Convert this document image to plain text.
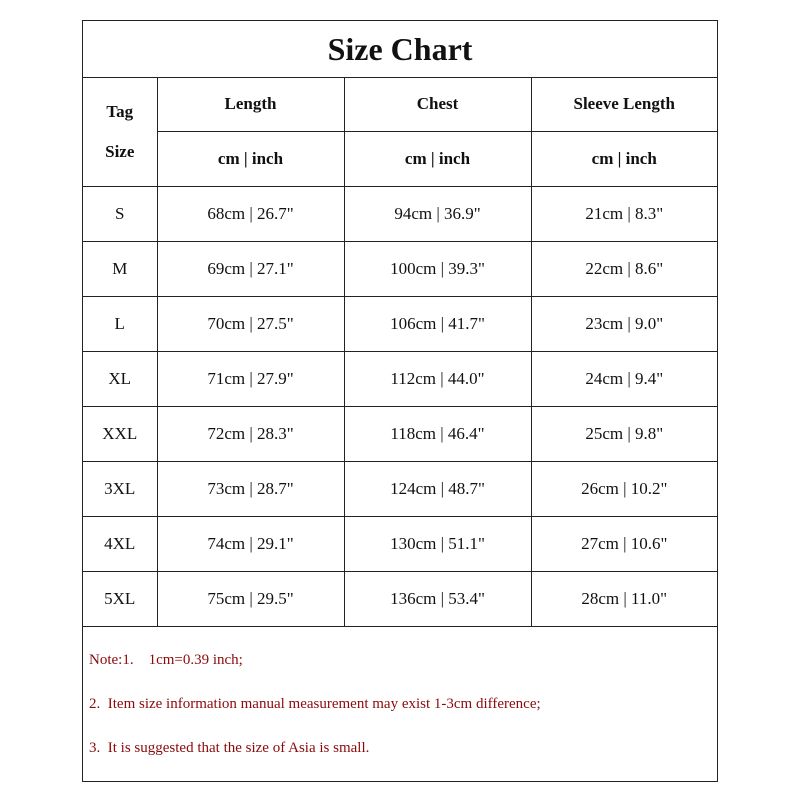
Size Chart
Tag
Size	Length	Chest	Sleeve Length
	cm | inch	cm | inch	cm | inch
S	68cm | 26.7"	94cm | 36.9"	21cm | 8.3"
M	69cm | 27.1"	100cm | 39.3"	22cm | 8.6"
L	70cm | 27.5"	106cm | 41.7"	23cm | 9.0"
XL	71cm | 27.9"	112cm | 44.0"	24cm | 9.4"
XXL	72cm | 28.3"	118cm | 46.4"	25cm | 9.8"
3XL	73cm | 28.7"	124cm | 48.7"	26cm | 10.2"
4XL	74cm | 29.1"	130cm | 51.1"	27cm | 10.6"
5XL	75cm | 29.5"	136cm | 53.4"	28cm | 11.0"
Note:1.    1cm=0.39 inch;
2.  Item size information manual measurement may exist 1-3cm difference;
3.  It is suggested that the size of Asia is small.
